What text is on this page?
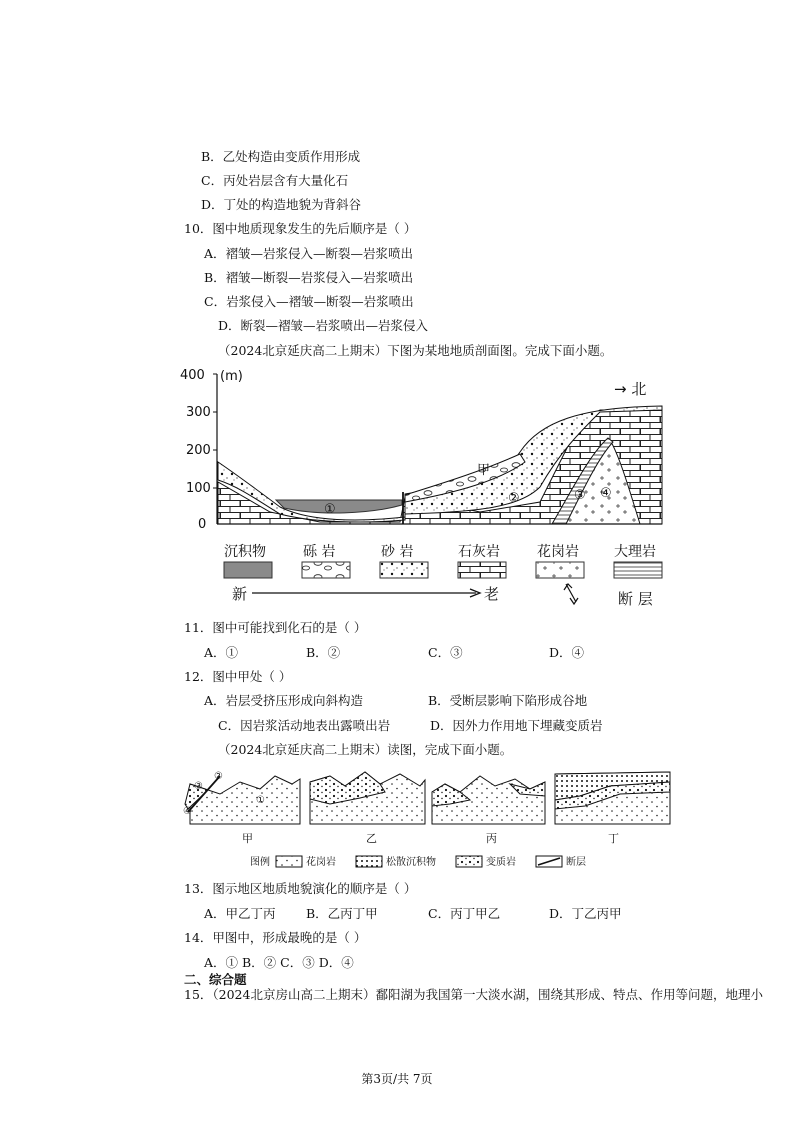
B．乙处构造由变质作用形成
C．丙处岩层含有大量化石
D．丁处的构造地貌为背斜谷
10．图中地质现象发生的先后顺序是（ ）
A．褶皱—岩浆侵入—断裂—岩浆喷出
B．褶皱—断裂—岩浆侵入—岩浆喷出
C．岩浆侵入—褶皱—断裂—岩浆喷出
D．断裂—褶皱—岩浆喷出—岩浆侵入
（2024北京延庆高二上期末）下图为某地地质剖面图。完成下面小题。
400
300
200
100
0
(m)
→ 北
甲
①
②	③ ④
沉积物	砾 岩	砂 岩	石灰岩	花岗岩	大理岩
新	老	断 层
11．图中可能找到化石的是（ ）
A．①	B．②	C．③	D．④
12．图中甲处（ ）
A．岩层受挤压形成向斜构造	B．受断层影响下陷形成谷地
C．因岩浆活动地表出露喷出岩	D．因外力作用地下埋藏变质岩
（2024北京延庆高二上期末）读图，完成下面小题。
①
②
③
④
甲	乙	丙	丁
图例	花岗岩	松散沉积物	变质岩	断层
13．图示地区地质地貌演化的顺序是（ ）
A．甲乙丁丙 B．乙丙丁甲	C．丙丁甲乙	D．丁乙丙甲
14．甲图中，形成最晚的是（ ）
A．① B．② C．③ D．④
二、综合题
15．（2024北京房山高二上期末）鄱阳湖为我国第一大淡水湖，围绕其形成、特点、作用等问题，地理小
第3页/共 7页
